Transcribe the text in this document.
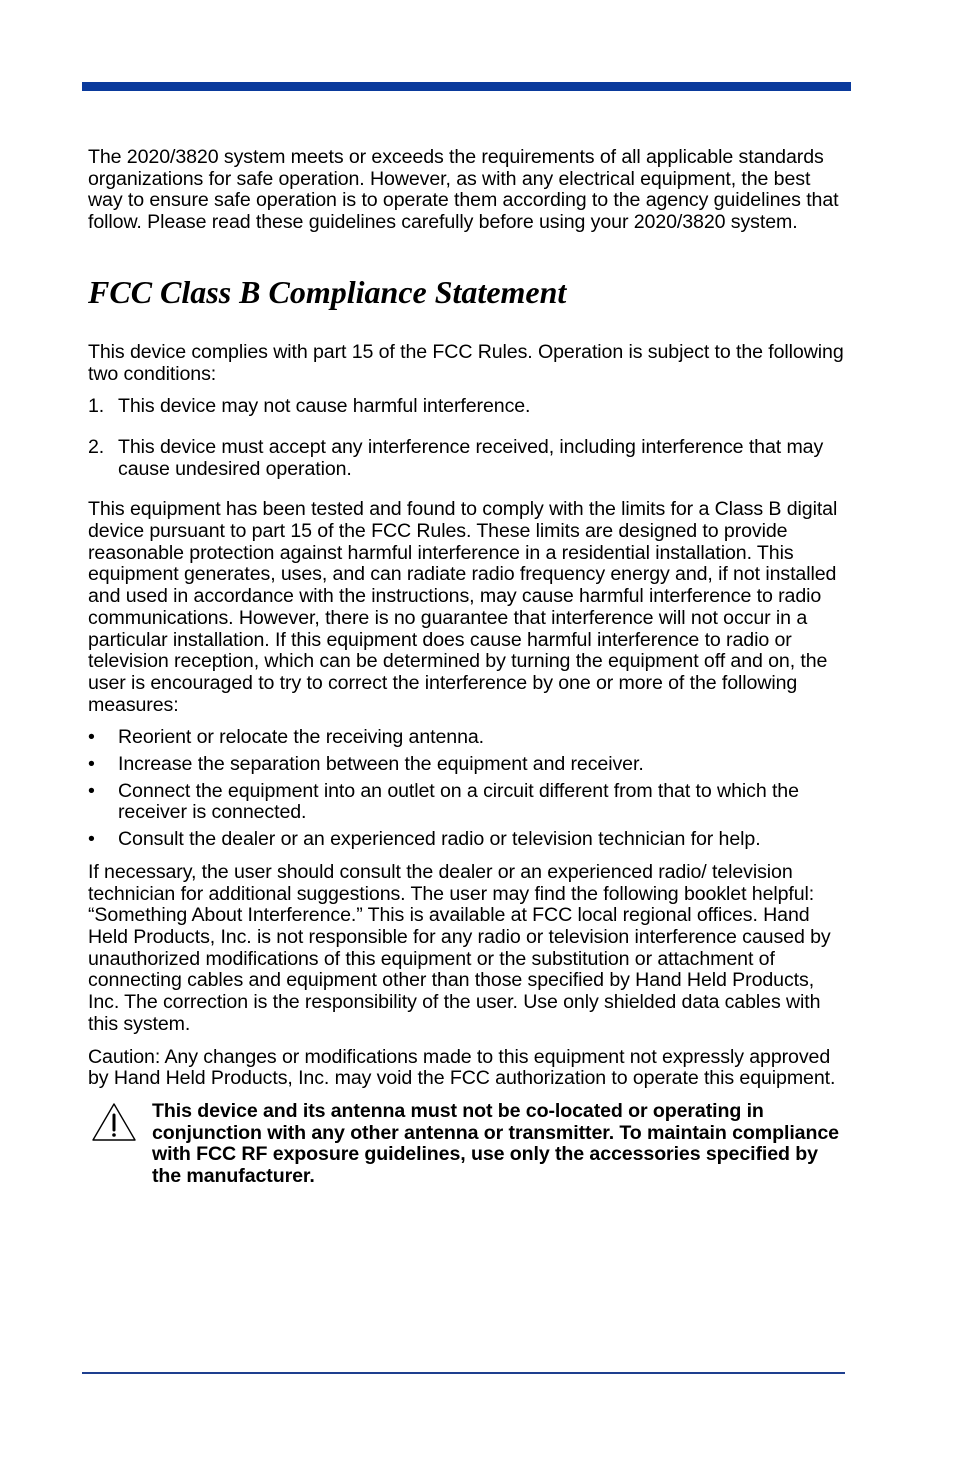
The 2020/3820 system meets or exceeds the requirements of all applicable standards organizations for safe operation. However, as with any electrical equipment, the best way to ensure safe operation is to operate them according to the agency guidelines that follow. Please read these guidelines carefully before using your 2020/3820 system.

FCC Class B Compliance Statement

This device complies with part 15 of the FCC Rules. Operation is subject to the following two conditions:

1. This device may not cause harmful interference.
2. This device must accept any interference received, including interference that may cause undesired operation.

This equipment has been tested and found to comply with the limits for a Class B digital device pursuant to part 15 of the FCC Rules. These limits are designed to provide reasonable protection against harmful interference in a residential installation. This equipment generates, uses, and can radiate radio frequency energy and, if not installed and used in accordance with the instructions, may cause harmful interference to radio communications. However, there is no guarantee that interference will not occur in a particular installation. If this equipment does cause harmful interference to radio or television reception, which can be determined by turning the equipment off and on, the user is encouraged to try to correct the interference by one or more of the following measures:

• Reorient or relocate the receiving antenna.
• Increase the separation between the equipment and receiver.
• Connect the equipment into an outlet on a circuit different from that to which the receiver is connected.
• Consult the dealer or an experienced radio or television technician for help.

If necessary, the user should consult the dealer or an experienced radio/ television technician for additional suggestions. The user may find the following booklet helpful: “Something About Interference.” This is available at FCC local regional offices. Hand Held Products, Inc. is not responsible for any radio or television interference caused by unauthorized modifications of this equipment or the substitution or attachment of connecting cables and equipment other than those specified by Hand Held Products, Inc. The correction is the responsibility of the user. Use only shielded data cables with this system.

Caution: Any changes or modifications made to this equipment not expressly approved by Hand Held Products, Inc. may void the FCC authorization to operate this equipment.

This device and its antenna must not be co-located or operating in conjunction with any other antenna or transmitter. To maintain compliance with FCC RF exposure guidelines, use only the accessories specified by the manufacturer.
